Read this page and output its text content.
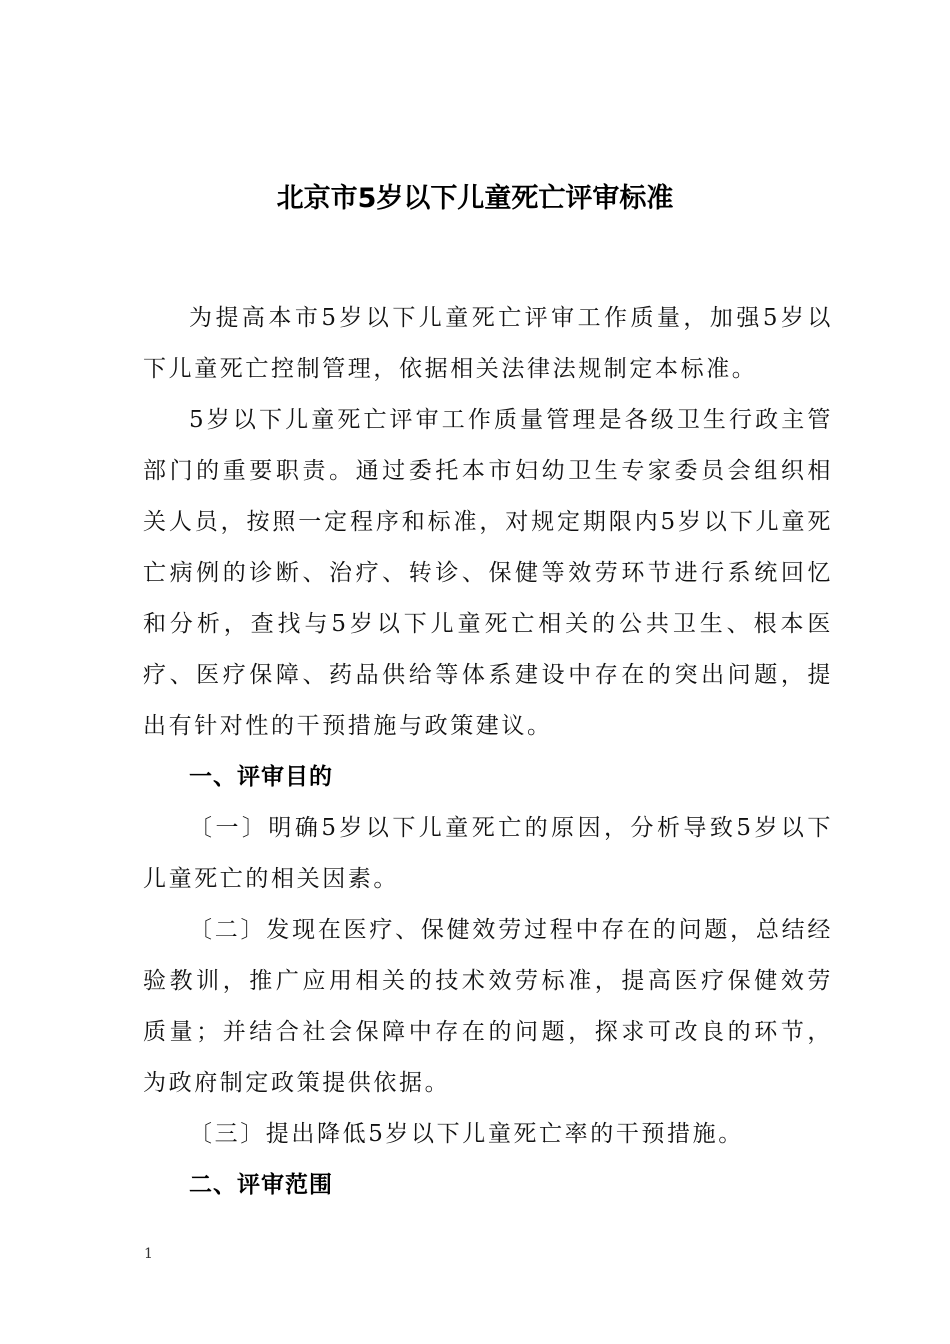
北京市5岁以下儿童死亡评审标准

为提高本市5岁以下儿童死亡评审工作质量，加强5岁以下儿童死亡控制管理，依据相关法律法规制定本标准。

5岁以下儿童死亡评审工作质量管理是各级卫生行政主管部门的重要职责。通过委托本市妇幼卫生专家委员会组织相关人员，按照一定程序和标准，对规定期限内5岁以下儿童死亡病例的诊断、治疗、转诊、保健等效劳环节进行系统回忆和分析，查找与5岁以下儿童死亡相关的公共卫生、根本医疗、医疗保障、药品供给等体系建设中存在的突出问题，提出有针对性的干预措施与政策建议。

一、评审目的

〔一〕明确5岁以下儿童死亡的原因，分析导致5岁以下儿童死亡的相关因素。

〔二〕发现在医疗、保健效劳过程中存在的问题，总结经验教训，推广应用相关的技术效劳标准，提高医疗保健效劳质量；并结合社会保障中存在的问题，探求可改良的环节，为政府制定政策提供依据。

〔三〕提出降低5岁以下儿童死亡率的干预措施。

二、评审范围

1
